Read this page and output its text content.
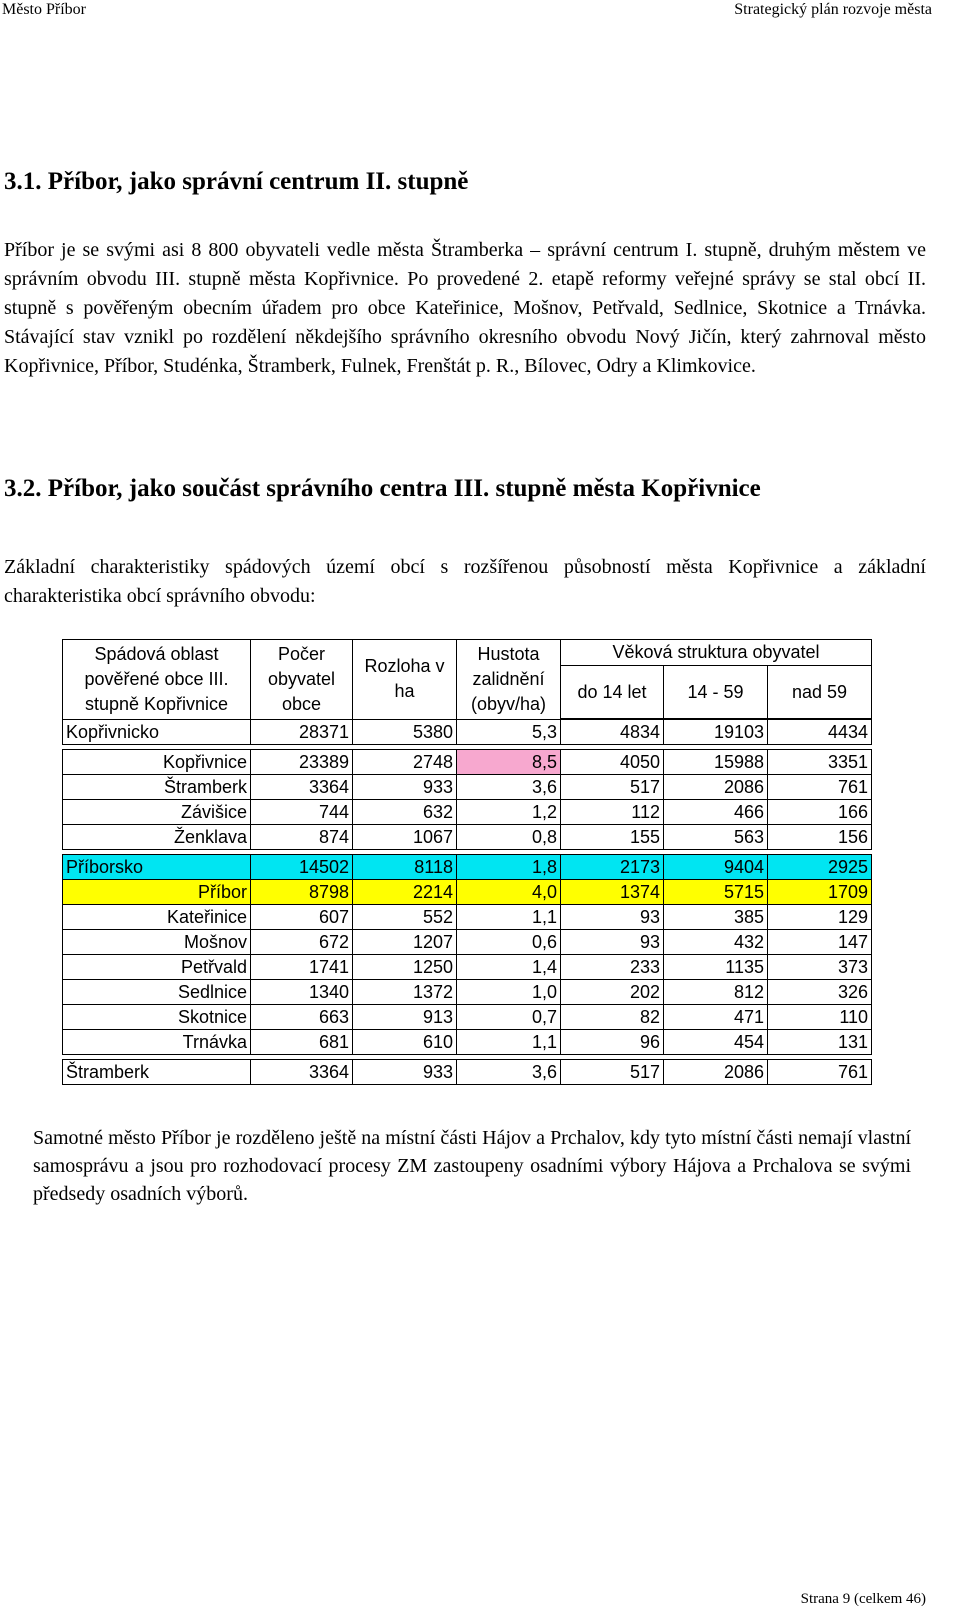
Město Příbor	Strategický plán rozvoje města
3.1. Příbor, jako správní centrum II. stupně

Příbor je se svými asi 8 800 obyvateli vedle města Štramberka – správní centrum I. stupně, druhým městem ve správním obvodu III. stupně města Kopřivnice. Po provedené 2. etapě reformy veřejné správy se stal obcí II. stupně s pověřeným obecním úřadem pro obce Kateřinice, Mošnov, Petřvald, Sedlnice, Skotnice a Trnávka. Stávající stav vznikl po rozdělení někdejšího správního okresního obvodu Nový Jičín, který zahrnoval město Kopřivnice, Příbor, Studénka, Štramberk, Fulnek, Frenštát p. R., Bílovec, Odry a Klimkovice.

3.2. Příbor, jako součást správního centra III. stupně města Kopřivnice

Základní charakteristiky spádových území obcí s rozšířenou působností města Kopřivnice a základní charakteristika obcí správního obvodu:

Spádová oblast pověřené obce III. stupně Kopřivnice	Počer obyvatel obce	Rozloha v ha	Hustota zalidnění (obyv/ha)	Věková struktura obyvatel		
				do 14 let	14 - 59	nad 59
Kopřivnicko	28371	5380	5,3	4834	19103	4434

Kopřivnice	23389	2748	8,5	4050	15988	3351
Štramberk	3364	933	3,6	517	2086	761
Závišice	744	632	1,2	112	466	166
Ženklava	874	1067	0,8	155	563	156

Příborsko	14502	8118	1,8	2173	9404	2925
Příbor	8798	2214	4,0	1374	5715	1709
Kateřinice	607	552	1,1	93	385	129
Mošnov	672	1207	0,6	93	432	147
Petřvald	1741	1250	1,4	233	1135	373
Sedlnice	1340	1372	1,0	202	812	326
Skotnice	663	913	0,7	82	471	110
Trnávka	681	610	1,1	96	454	131

Štramberk	3364	933	3,6	517	2086	761

Samotné město Příbor je rozděleno ještě na místní části Hájov a Prchalov, kdy tyto místní části nemají vlastní samosprávu a jsou pro rozhodovací procesy ZM zastoupeny osadními výbory Hájova a Prchalova se svými předsedy osadních výborů.

Strana 9 (celkem 46)
